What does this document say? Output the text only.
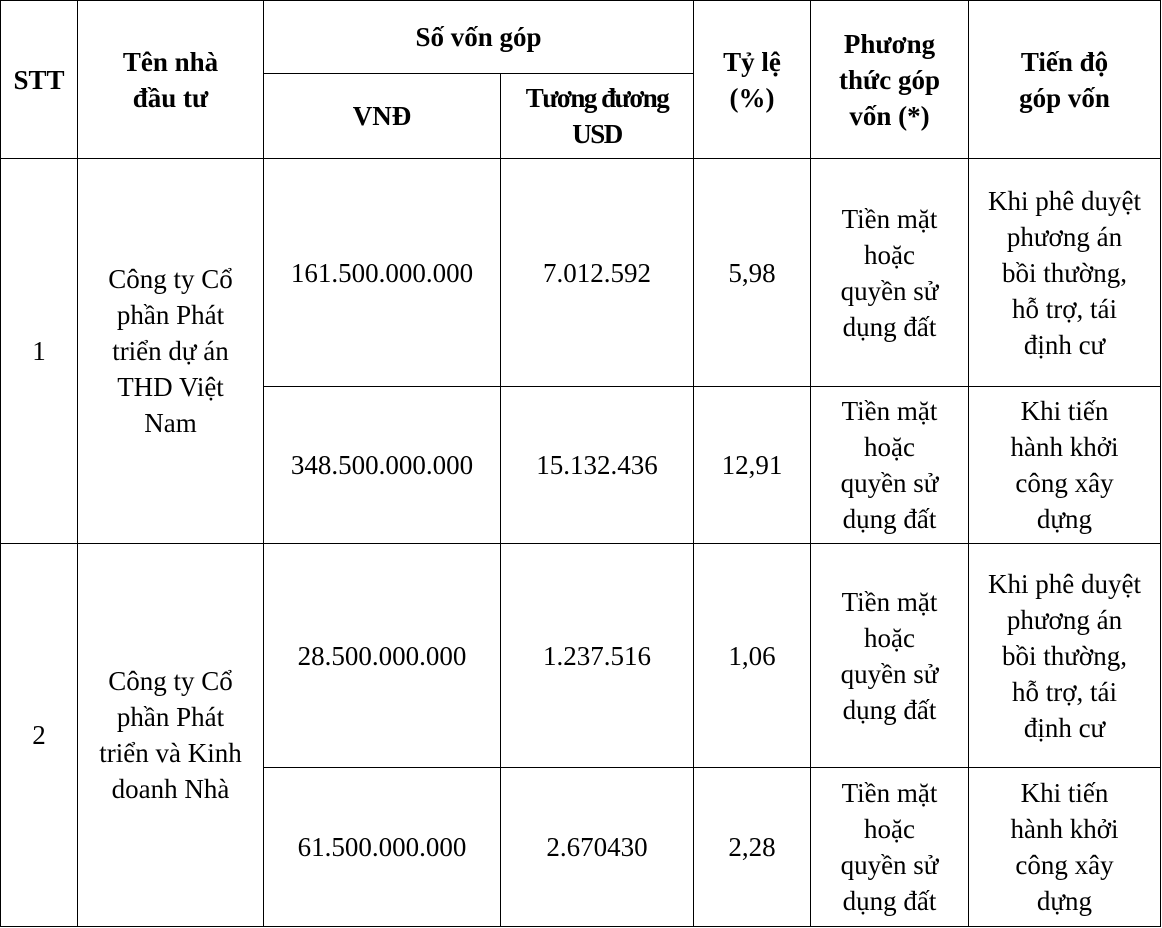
STT	Tên nhà đầu tư	Số vốn góp		Tỷ lệ (%)	Phương thức góp vốn (*)	Tiến độ góp vốn
		VNĐ	Tương đương USD			
1	Công ty Cổ phần Phát triển dự án THD Việt Nam	161.500.000.000	7.012.592	5,98	Tiền mặt hoặc quyền sử dụng đất	Khi phê duyệt phương án bồi thường, hỗ trợ, tái định cư
		348.500.000.000	15.132.436	12,91	Tiền mặt hoặc quyền sử dụng đất	Khi tiến hành khởi công xây dựng
2	Công ty Cổ phần Phát triển và Kinh doanh Nhà	28.500.000.000	1.237.516	1,06	Tiền mặt hoặc quyền sử dụng đất	Khi phê duyệt phương án bồi thường, hỗ trợ, tái định cư
		61.500.000.000	2.670430	2,28	Tiền mặt hoặc quyền sử dụng đất	Khi tiến hành khởi công xây dựng
